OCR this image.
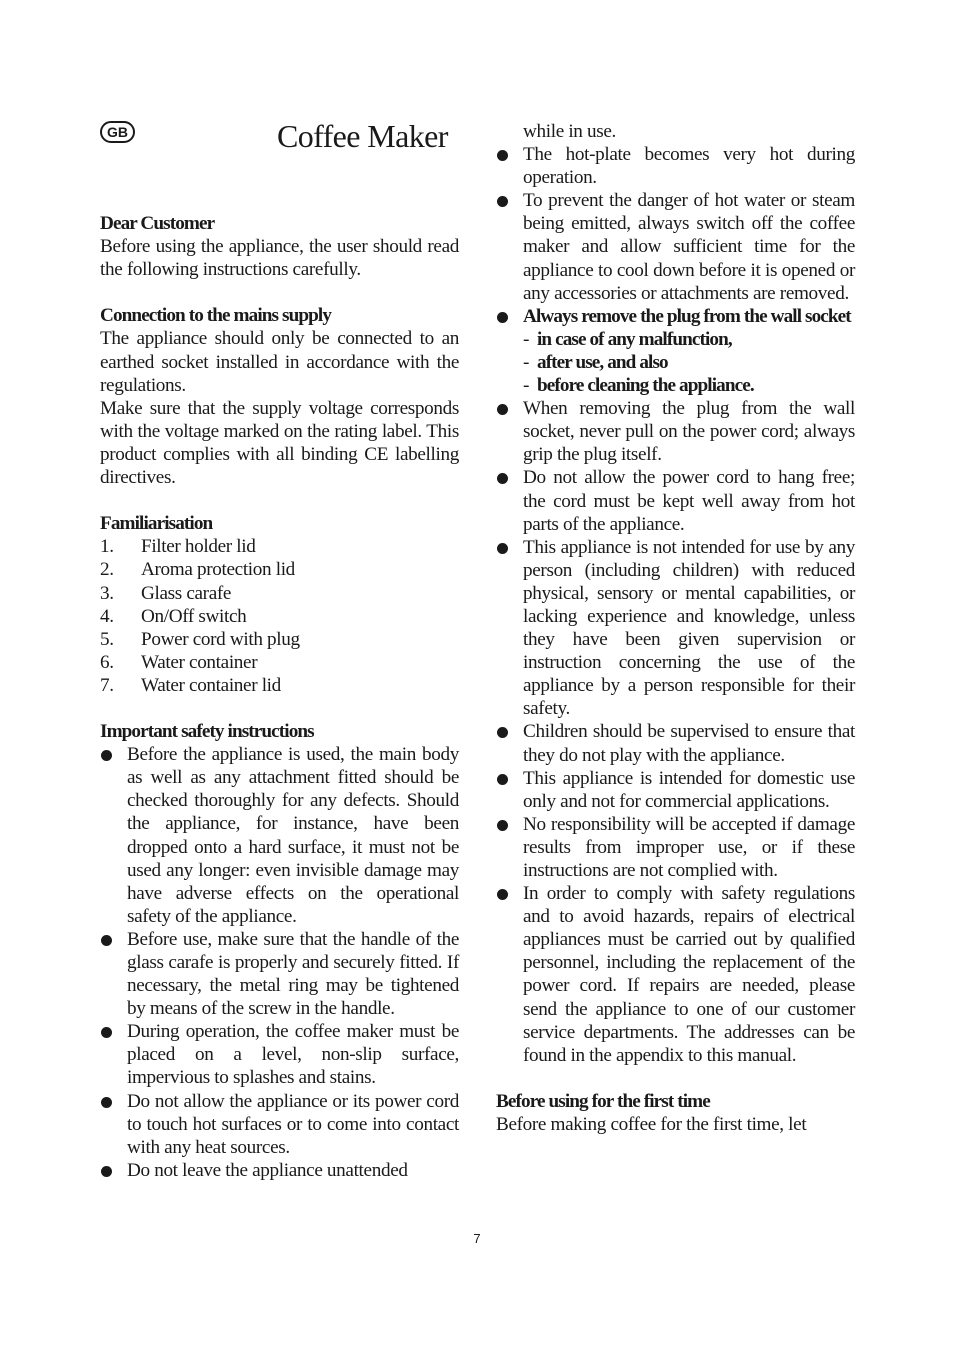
GB	Coffee Maker

Dear Customer

Before using the appliance, the user should read the following instructions carefully.

Connection to the mains supply

The appliance should only be connected to an earthed socket installed in accordance with the regulations.

Make sure that the supply voltage corresponds with the voltage marked on the rating label. This product complies with all binding CE labelling directives.

Familiarisation

1. Filter holder lid
2. Aroma protection lid
3. Glass carafe
4. On/Off switch
5. Power cord with plug
6. Water container
7. Water container lid

Important safety instructions

Before the appliance is used, the main body as well as any attachment fitted should be checked thoroughly for any defects. Should the appliance, for instance, have been dropped onto a hard surface, it must not be used any longer: even invisible damage may have adverse effects on the operational safety of the appliance.
Before use, make sure that the handle of the glass carafe is properly and securely fitted. If necessary, the metal ring may be tightened by means of the screw in the handle.
During operation, the coffee maker must be placed on a level, non-slip surface, impervious to splashes and stains.
Do not allow the appliance or its power cord to touch hot surfaces or to come into contact with any heat sources.
Do not leave the appliance unattended

while in use.

The hot-plate becomes very hot during operation.
To prevent the danger of hot water or steam being emitted, always switch off the coffee maker and allow sufficient time for the appliance to cool down before it is opened or any accessories or attachments are removed.
Always remove the plug from the wall socket
- in case of any malfunction,
- after use, and also
- before cleaning the appliance.
When removing the plug from the wall socket, never pull on the power cord; always grip the plug itself.
Do not allow the power cord to hang free; the cord must be kept well away from hot parts of the appliance.
This appliance is not intended for use by any person (including children) with reduced physical, sensory or mental capabilities, or lacking experience and knowledge, unless they have been given supervision or instruction concerning the use of the appliance by a person responsible for their safety.
Children should be supervised to ensure that they do not play with the appliance.
This appliance is intended for domestic use only and not for commercial applications.
No responsibility will be accepted if damage results from improper use, or if these instructions are not complied with.
In order to comply with safety regulations and to avoid hazards, repairs of electrical appliances must be carried out by qualified personnel, including the replacement of the power cord. If repairs are needed, please send the appliance to one of our customer service departments. The addresses can be found in the appendix to this manual.

Before using for the first time

Before making coffee for the first time, let

7
